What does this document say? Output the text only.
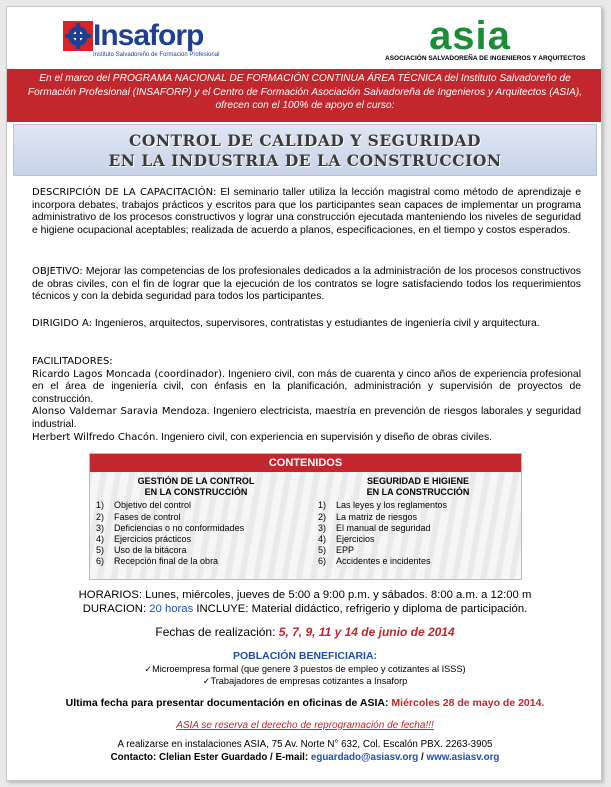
Insaforp
Instituto Salvadoreño de Formación Profesional	asia
ASOCIACIÓN SALVADOREÑA DE INGENIEROS Y ARQUITECTOS
En el marco del PROGRAMA NACIONAL DE FORMACIÓN CONTINUA ÁREA TÉCNICA del Instituto Salvadoreño de Formación Profesional (INSAFORP) y el Centro de Formación Asociación Salvadoreña de Ingenieros y Arquitectos (ASIA), ofrecen con el 100% de apoyo el curso:
CONTROL DE CALIDAD Y SEGURIDAD
EN LA INDUSTRIA DE LA CONSTRUCCION
DESCRIPCIÓN DE LA CAPACITACIÓN: El seminario taller utiliza la lección magistral como método de aprendizaje e incorpora debates, trabajos prácticos y escritos para que los participantes sean capaces de implementar un programa administrativo de los procesos constructivos y lograr una construcción ejecutada manteniendo los niveles de seguridad e higiene ocupacional aceptables; realizada de acuerdo a planos, especificaciones, en el tiempo y costos esperados.
OBJETIVO: Mejorar las competencias de los profesionales dedicados a la administración de los procesos constructivos de obras civiles, con el fin de lograr que la ejecución de los contratos se logre satisfaciendo todos los requerimientos técnicos y con la debida seguridad para todos los participantes.
DIRIGIDO A: Ingenieros, arquitectos, supervisores, contratistas y estudiantes de ingeniería civil y arquitectura.
FACILITADORES:
Ricardo Lagos Moncada (coordinador). Ingeniero civil, con más de cuarenta y cinco años de experiencia profesional en el área de ingeniería civil, con énfasis en la planificación, administración y supervisión de proyectos de construcción.
Alonso Valdemar Saravia Mendoza. Ingeniero electricista, maestría en prevención de riesgos laborales y seguridad industrial.
Herbert Wilfredo Chacón. Ingeniero civil, con experiencia en supervisión y diseño de obras civiles.
CONTENIDOS
GESTIÓN DE LA CONTROL
EN LA CONSTRUCCIÓN
1) Objetivo del control
2) Fases de control
3) Deficiencias o no conformidades
4) Ejercicios prácticos
5) Uso de la bitácora
6) Recepción final de la obra
SEGURIDAD E HIGIENE
EN LA CONSTRUCCIÓN
1) Las leyes y los reglamentos
2) La matriz de riesgos
3) El manual de seguridad
4) Ejercicios
5) EPP
6) Accidentes e incidentes
HORARIOS: Lunes, miércoles, jueves de 5:00 a 9:00 p.m. y sábados. 8:00 a.m. a 12:00 m
DURACION: 20 horas INCLUYE: Material didáctico, refrigerio y diploma de participación.
Fechas de realización: 5, 7, 9, 11 y 14 de junio de 2014
POBLACIÓN BENEFICIARIA:
✓Microempresa formal (que genere 3 puestos de empleo y cotizantes al ISSS)
✓Trabajadores de empresas cotizantes a Insaforp
Ultima fecha para presentar documentación en oficinas de ASIA: Miércoles 28 de mayo de 2014.
ASIA se reserva el derecho de reprogramación de fecha!!!
A realizarse en instalaciones ASIA, 75 Av. Norte N° 632, Col. Escalón PBX. 2263-3905
Contacto: Clelian Ester Guardado / E-mail: eguardado@asiasv.org / www.asiasv.org
